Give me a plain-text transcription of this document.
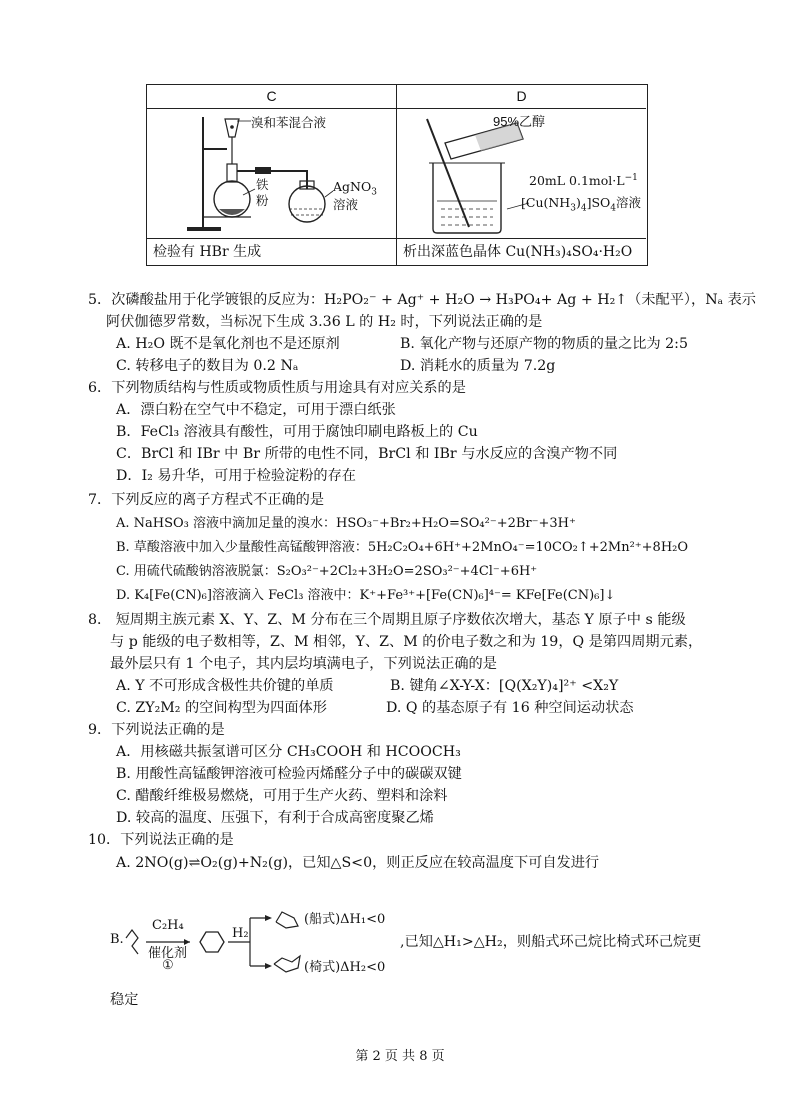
C	D
溴和苯混合液
铁
粉
AgNO$_3$
溶液
95%乙醇
20mL $0.1mol\cdot L^{-1}$
$[Cu(NH_3)_4]SO_4$溶液
检验有 HBr 生成	析出深蓝色晶体 Cu(NH₃)₄SO₄·H₂O
5．次磷酸盐用于化学镀银的反应为：H₂PO₂⁻ + Ag⁺ + H₂O → H₃PO₄+ Ag + H₂↑（未配平），Nₐ 表示
阿伏伽德罗常数，当标况下生成 3.36 L 的 H₂ 时，下列说法正确的是
A. H₂O 既不是氧化剂也不是还原剂	B. 氧化产物与还原产物的物质的量之比为 2:5
C. 转移电子的数目为 0.2 Nₐ	D. 消耗水的质量为 7.2g
6．下列物质结构与性质或物质性质与用途具有对应关系的是
A．漂白粉在空气中不稳定，可用于漂白纸张
B．FeCl₃ 溶液具有酸性，可用于腐蚀印刷电路板上的 Cu
C．BrCl 和 IBr 中 Br 所带的电性不同，BrCl 和 IBr 与水反应的含溴产物不同
D．I₂ 易升华，可用于检验淀粉的存在
7．下列反应的离子方程式不正确的是
A. NaHSO₃ 溶液中滴加足量的溴水：HSO₃⁻+Br₂+H₂O=SO₄²⁻+2Br⁻+3H⁺
B. 草酸溶液中加入少量酸性高锰酸钾溶液：5H₂C₂O₄+6H⁺+2MnO₄⁻=10CO₂↑+2Mn²⁺+8H₂O
C. 用硫代硫酸钠溶液脱氯：S₂O₃²⁻+2Cl₂+3H₂O=2SO₃²⁻+4Cl⁻+6H⁺
D. K₄[Fe(CN)₆]溶液滴入 FeCl₃ 溶液中：K⁺+Fe³⁺+[Fe(CN)₆]⁴⁻= KFe[Fe(CN)₆]↓
8． 短周期主族元素 X、Y、Z、M 分布在三个周期且原子序数依次增大，基态 Y 原子中 s 能级
与 p 能级的电子数相等，Z、M 相邻，Y、Z、M 的价电子数之和为 19，Q 是第四周期元素，
最外层只有 1 个电子，其内层均填满电子，下列说法正确的是
A. Y 不可形成含极性共价键的单质	B. 键角∠X-Y-X：[Q(X₂Y)₄]²⁺ <X₂Y
C. ZY₂M₂ 的空间构型为四面体形	D. Q 的基态原子有 16 种空间运动状态
9．下列说法正确的是
A．用核磁共振氢谱可区分 CH₃COOH 和 HCOOCH₃
B. 用酸性高锰酸钾溶液可检验丙烯醛分子中的碳碳双键
C. 醋酸纤维极易燃烧，可用于生产火药、塑料和涂料
D. 较高的温度、压强下，有利于合成高密度聚乙烯
10．下列说法正确的是
A. 2NO(g)⇌O₂(g)+N₂(g)，已知△S<0，则正反应在较高温度下可自发进行
B.
C₂H₄
催化剂
①
H₂
(船式)ΔH₁<0
(椅式)ΔH₂<0
,已知△H₁>△H₂，则船式环己烷比椅式环己烷更
稳定
第 2 页 共 8 页
